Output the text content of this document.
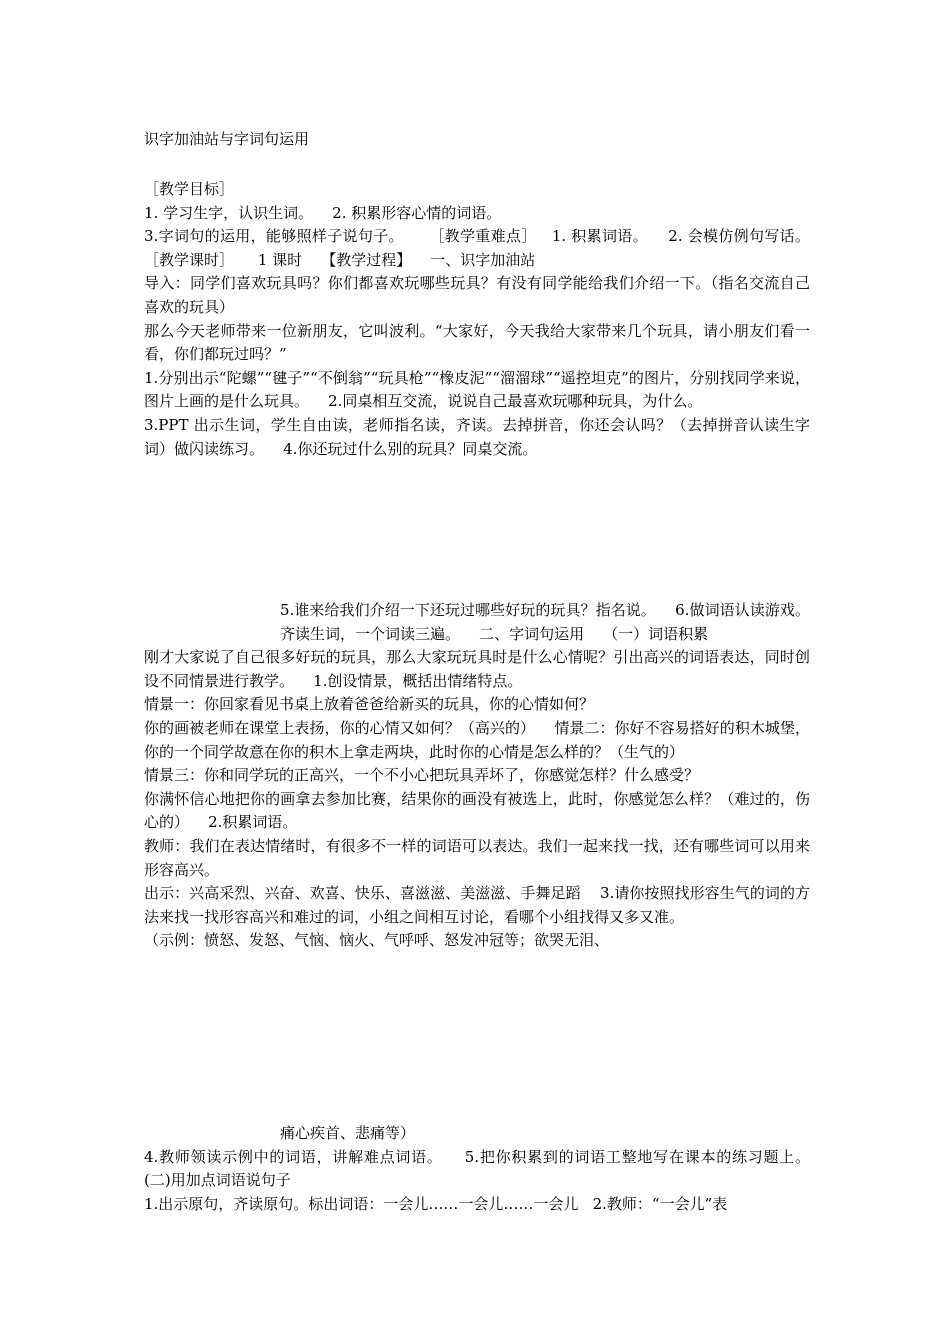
识字加油站与字词句运用

［教学目标］

1. 学习生字，认识生词。    2. 积累形容心情的词语。

3.字词句的运用，能够照样子说句子。     ［教学重难点］   1. 积累词语。    2. 会模仿例句写话。     ［教学课时］     1 课时    【教学过程】    一、识字加油站

导入：同学们喜欢玩具吗？你们都喜欢玩哪些玩具？有没有同学能给我们介绍一下。（指名交流自己喜欢的玩具）

那么今天老师带来一位新朋友，它叫波利。“大家好，今天我给大家带来几个玩具，请小朋友们看一看，你们都玩过吗？”

1.分别出示“陀螺”“毽子”“不倒翁”“玩具枪”“橡皮泥”“溜溜球”“遥控坦克”的图片，分别找同学来说，图片上画的是什么玩具。    2.同桌相互交流，说说自己最喜欢玩哪种玩具，为什么。

3.PPT 出示生词，学生自由读，老师指名读，齐读。去掉拼音，你还会认吗？（去掉拼音认读生字词）做闪读练习。    4.你还玩过什么别的玩具？同桌交流。

5.谁来给我们介绍一下还玩过哪些好玩的玩具？指名说。    6.做词语认读游戏。齐读生词，一个词读三遍。    二、字词句运用    （一）词语积累

刚才大家说了自己很多好玩的玩具，那么大家玩玩具时是什么心情呢？引出高兴的词语表达，同时创设不同情景进行教学。    1.创设情景，概括出情绪特点。

情景一：你回家看见书桌上放着爸爸给新买的玩具，你的心情如何？

你的画被老师在课堂上表扬，你的心情又如何？（高兴的）    情景二：你好不容易搭好的积木城堡，你的一个同学故意在你的积木上拿走两块，此时你的心情是怎么样的？（生气的）

情景三：你和同学玩的正高兴，一个不小心把玩具弄坏了，你感觉怎样？什么感受？

你满怀信心地把你的画拿去参加比赛，结果你的画没有被选上，此时，你感觉怎么样？（难过的，伤心的）    2.积累词语。

教师：我们在表达情绪时，有很多不一样的词语可以表达。我们一起来找一找，还有哪些词可以用来形容高兴。

出示：兴高采烈、兴奋、欢喜、快乐、喜滋滋、美滋滋、手舞足蹈    3.请你按照找形容生气的词的方法来找一找形容高兴和难过的词，小组之间相互讨论，看哪个小组找得又多又准。

（示例：愤怒、发怒、气恼、恼火、气呼呼、怒发冲冠等；欲哭无泪、

痛心疾首、悲痛等）

4.教师领读示例中的词语，讲解难点词语。    5.把你积累到的词语工整地写在课本的练习题上。    (二)用加点词语说句子

1.出示原句，齐读原句。标出词语：一会儿……一会儿……一会儿   2.教师：“一会儿”表
